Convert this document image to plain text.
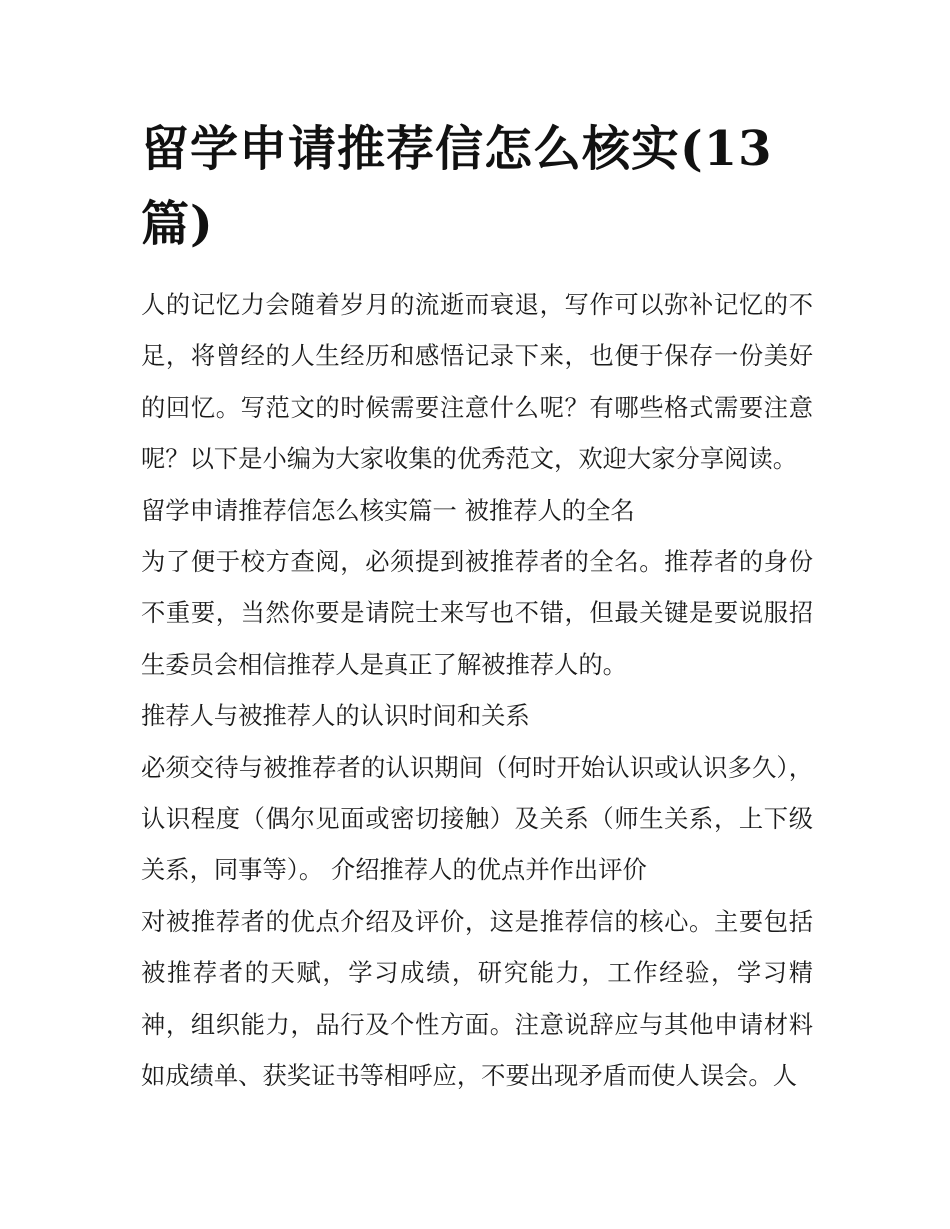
留学申请推荐信怎么核实(13篇)

人的记忆力会随着岁月的流逝而衰退，写作可以弥补记忆的不足，将曾经的人生经历和感悟记录下来，也便于保存一份美好的回忆。写范文的时候需要注意什么呢？有哪些格式需要注意呢？以下是小编为大家收集的优秀范文，欢迎大家分享阅读。

留学申请推荐信怎么核实篇一 被推荐人的全名

为了便于校方查阅，必须提到被推荐者的全名。推荐者的身份不重要，当然你要是请院士来写也不错，但最关键是要说服招生委员会相信推荐人是真正了解被推荐人的。

推荐人与被推荐人的认识时间和关系

必须交待与被推荐者的认识期间（何时开始认识或认识多久），认识程度（偶尔见面或密切接触）及关系（师生关系，上下级关系，同事等）。 介绍推荐人的优点并作出评价

对被推荐者的优点介绍及评价，这是推荐信的核心。主要包括被推荐者的天赋，学习成绩，研究能力，工作经验，学习精神，组织能力，品行及个性方面。注意说辞应与其他申请材料如成绩单、获奖证书等相呼应，不要出现矛盾而使人误会。人
